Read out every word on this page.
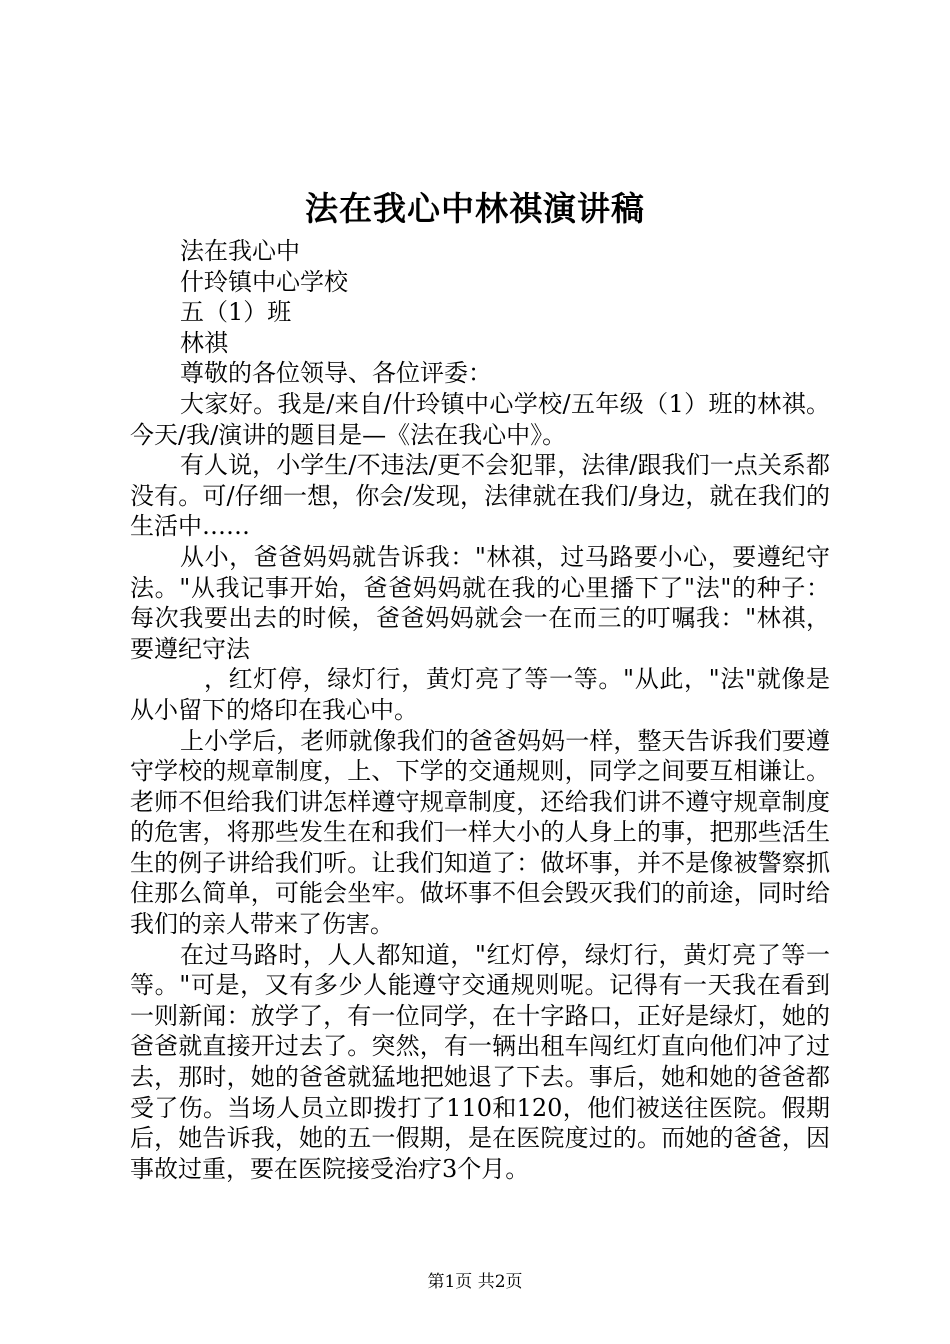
法在我心中林祺演讲稿

法在我心中

什玲镇中心学校

五（1）班

林祺

尊敬的各位领导、各位评委：

大家好。我是/来自/什玲镇中心学校/五年级（1）班的林祺。今天/我/演讲的题目是—《法在我心中》。

有人说，小学生/不违法/更不会犯罪，法律/跟我们一点关系都没有。可/仔细一想，你会/发现，法律就在我们/身边，就在我们的生活中……

从小，爸爸妈妈就告诉我："林祺，过马路要小心，要遵纪守法。"从我记事开始，爸爸妈妈就在我的心里播下了"法"的种子：每次我要出去的时候，爸爸妈妈就会一在而三的叮嘱我："林祺，要遵纪守法

，红灯停，绿灯行，黄灯亮了等一等。"从此，"法"就像是从小留下的烙印在我心中。

上小学后，老师就像我们的爸爸妈妈一样，整天告诉我们要遵守学校的规章制度，上、下学的交通规则，同学之间要互相谦让。老师不但给我们讲怎样遵守规章制度，还给我们讲不遵守规章制度的危害，将那些发生在和我们一样大小的人身上的事，把那些活生生的例子讲给我们听。让我们知道了：做坏事，并不是像被警察抓住那么简单，可能会坐牢。做坏事不但会毁灭我们的前途，同时给我们的亲人带来了伤害。

在过马路时，人人都知道，"红灯停，绿灯行，黄灯亮了等一等。"可是，又有多少人能遵守交通规则呢。记得有一天我在看到一则新闻：放学了，有一位同学，在十字路口，正好是绿灯，她的爸爸就直接开过去了。突然，有一辆出租车闯红灯直向他们冲了过去，那时，她的爸爸就猛地把她退了下去。事后，她和她的爸爸都受了伤。当场人员立即拨打了110和120，他们被送往医院。假期后，她告诉我，她的五一假期，是在医院度过的。而她的爸爸，因事故过重，要在医院接受治疗3个月。

第1页 共2页
